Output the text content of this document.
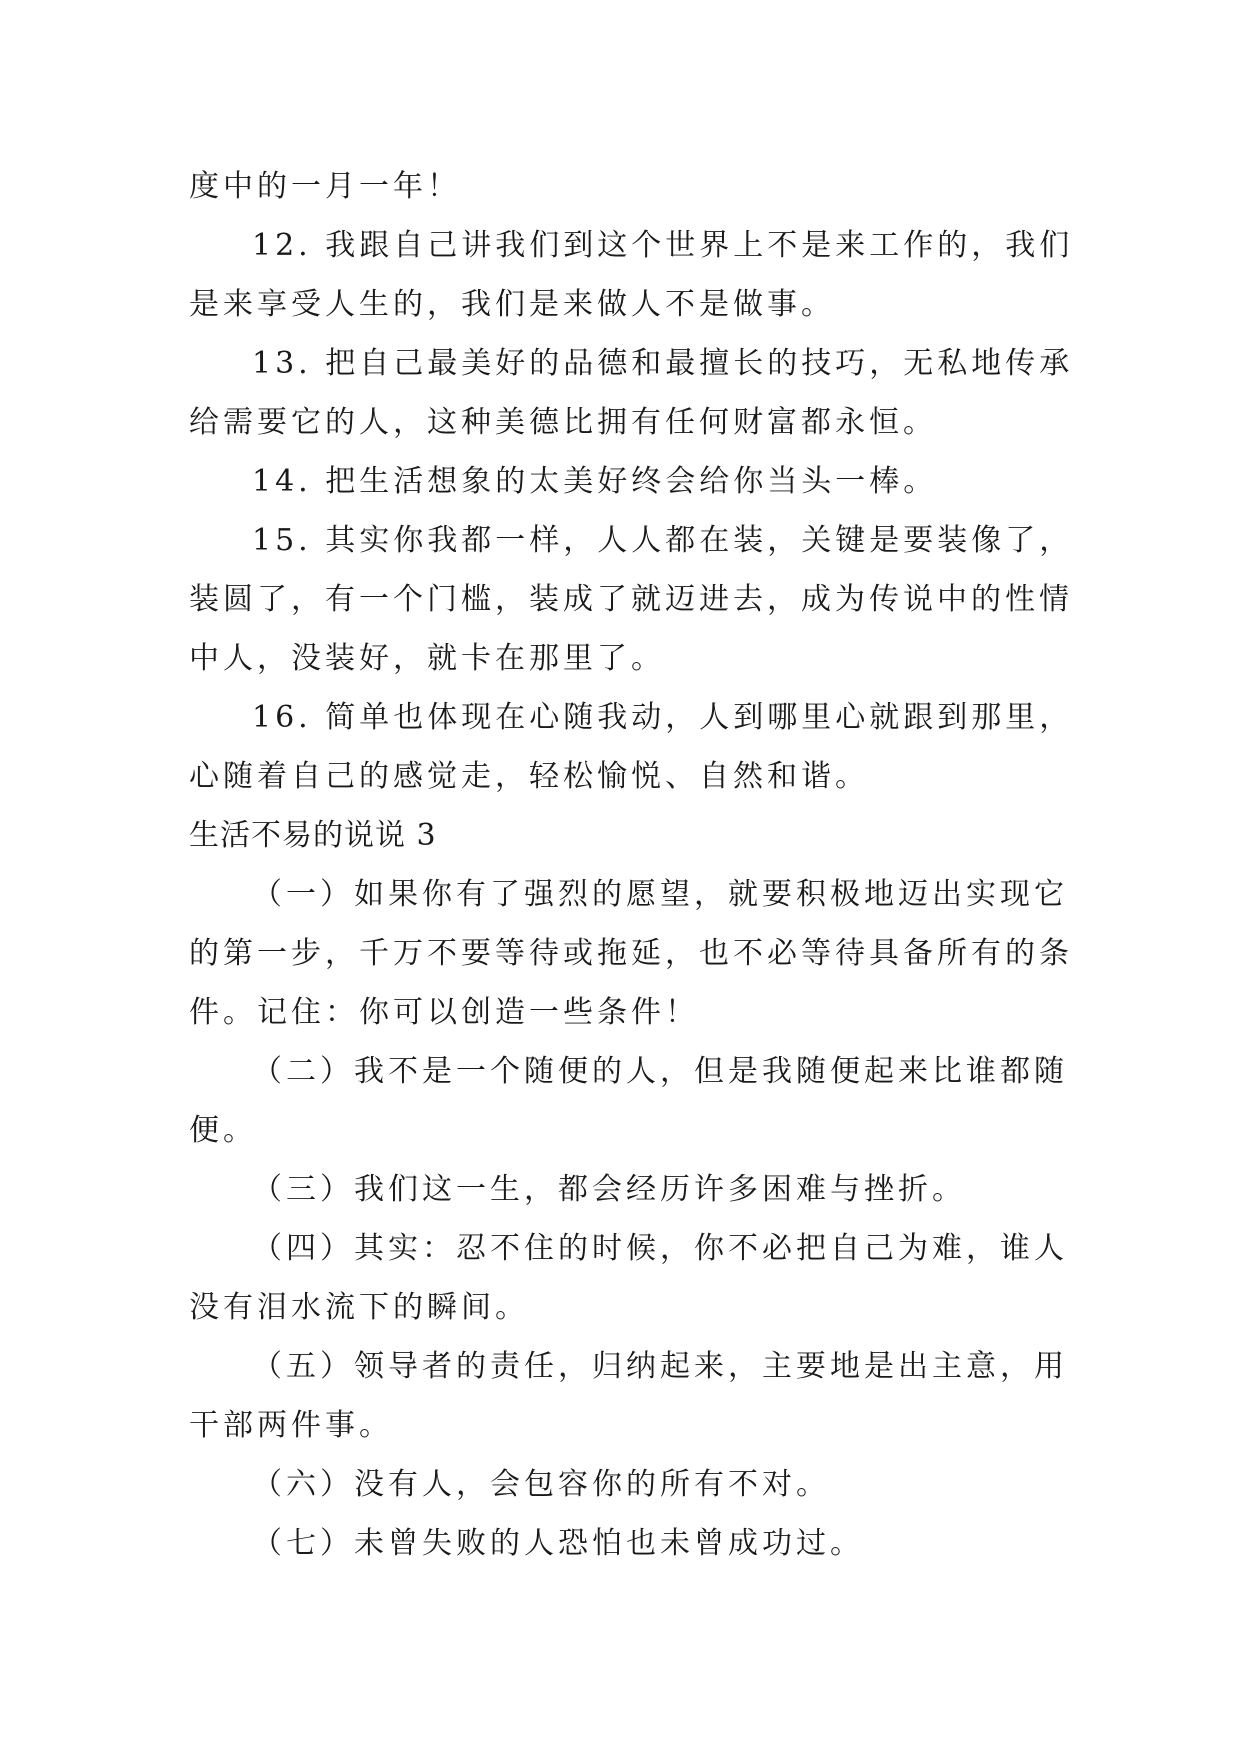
度中的一月一年！
12. 我跟自己讲我们到这个世界上不是来工作的，我们
是来享受人生的，我们是来做人不是做事。
13. 把自己最美好的品德和最擅长的技巧，无私地传承
给需要它的人，这种美德比拥有任何财富都永恒。
14. 把生活想象的太美好终会给你当头一棒。
15. 其实你我都一样，人人都在装，关键是要装像了，
装圆了，有一个门槛，装成了就迈进去，成为传说中的性情
中人，没装好，就卡在那里了。
16. 简单也体现在心随我动，人到哪里心就跟到那里，
心随着自己的感觉走，轻松愉悦、自然和谐。
生活不易的说说 3
（一）如果你有了强烈的愿望，就要积极地迈出实现它
的第一步，千万不要等待或拖延，也不必等待具备所有的条
件。记住：你可以创造一些条件！
（二）我不是一个随便的人，但是我随便起来比谁都随
便。
（三）我们这一生，都会经历许多困难与挫折。
（四）其实：忍不住的时候，你不必把自己为难，谁人
没有泪水流下的瞬间。
（五）领导者的责任，归纳起来，主要地是出主意，用
干部两件事。
（六）没有人，会包容你的所有不对。
（七）未曾失败的人恐怕也未曾成功过。
